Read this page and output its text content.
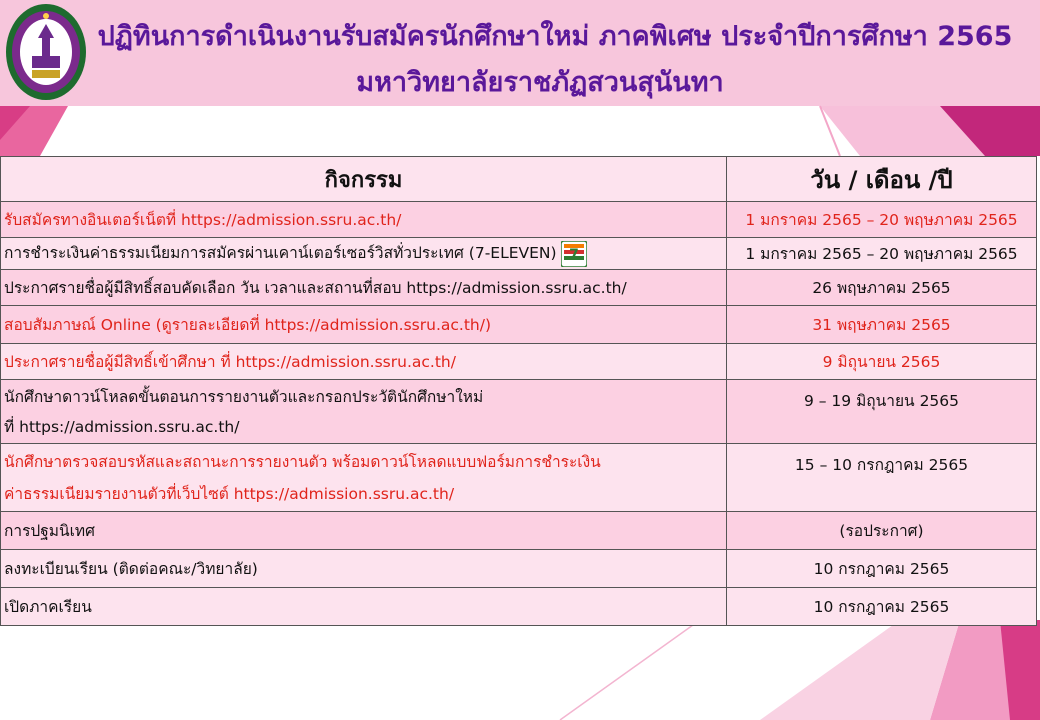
ปฏิทินการดำเนินงานรับสมัครนักศึกษาใหม่ ภาคพิเศษ ประจำปีการศึกษา 2565
มหาวิทยาลัยราชภัฏสวนสุนันทา
กิจกรรม	วัน / เดือน /ปี
รับสมัครทางอินเตอร์เน็ตที่ https://admission.ssru.ac.th/	1 มกราคม 2565 – 20 พฤษภาคม 2565
การชำระเงินค่าธรรมเนียมการสมัครผ่านเคาน์เตอร์เซอร์วิสทั่วประเทศ (7-ELEVEN) 7	1 มกราคม 2565 – 20 พฤษภาคม 2565
ประกาศรายชื่อผู้มีสิทธิ์สอบคัดเลือก วัน เวลาและสถานที่สอบ https://admission.ssru.ac.th/	26 พฤษภาคม 2565
สอบสัมภาษณ์ Online (ดูรายละเอียดที่ https://admission.ssru.ac.th/)	31 พฤษภาคม 2565
ประกาศรายชื่อผู้มีสิทธิ์เข้าศึกษา ที่ https://admission.ssru.ac.th/	9 มิถุนายน 2565

นักศึกษาดาวน์โหลดขั้นตอนการรายงานตัวและกรอกประวัตินักศึกษาใหม่
ที่ https://admission.ssru.ac.th/	9 – 19 มิถุนายน 2565

นักศึกษาตรวจสอบรหัสและสถานะการรายงานตัว พร้อมดาวน์โหลดแบบฟอร์มการชำระเงิน
ค่าธรรมเนียมรายงานตัวที่เว็บไซต์ https://admission.ssru.ac.th/	15 – 10 กรกฎาคม 2565
การปฐมนิเทศ	(รอประกาศ)
ลงทะเบียนเรียน (ติดต่อคณะ/วิทยาลัย)	10 กรกฎาคม 2565
เปิดภาคเรียน	10 กรกฎาคม 2565
